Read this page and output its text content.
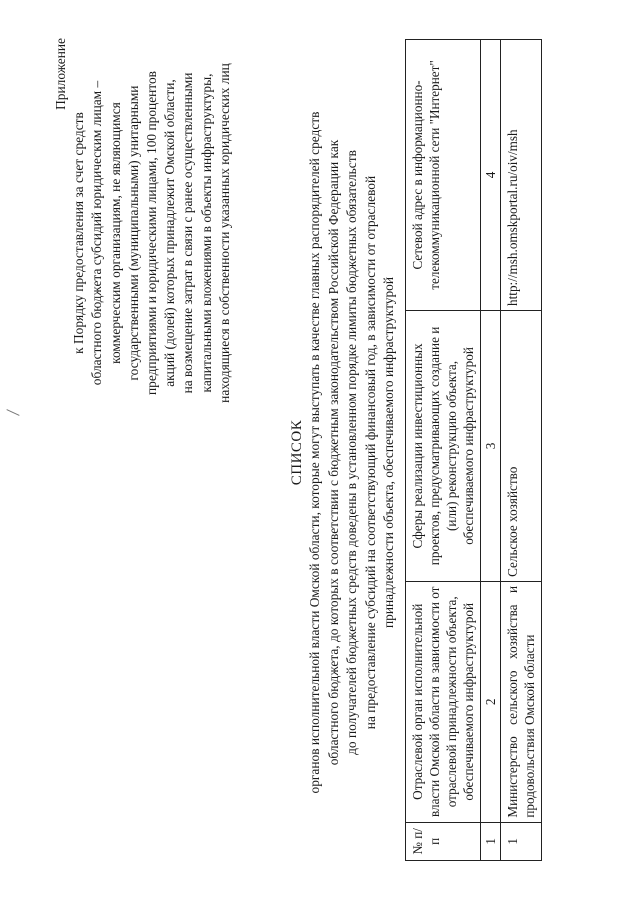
Приложение
к Порядку предоставления за счет средств областного бюджета субсидий юридическим лицам – коммерческим организациям, не являющимся государственными (муниципальными) унитарными предприятиями и юридическими лицами, 100 процентов акций (долей) которых принадлежит Омской области, на возмещение затрат в связи с ранее осуществленными капитальными вложениями в объекты инфраструктуры, находящиеся в собственности указанных юридических лиц
СПИСОК органов исполнительной власти Омской области, которые могут выступать в качестве главных распорядителей средств областного бюджета, до которых в соответствии с бюджетным законодательством Российской Федерации как до получателей бюджетных средств доведены в установленном порядке лимиты бюджетных обязательств на предоставление субсидий на соответствующий финансовый год, в зависимости от отраслевой принадлежности объекта, обеспечиваемого инфраструктурой
№ п/п	Отраслевой орган исполнительной власти Омской области в зависимости от отраслевой принадлежности объекта, обеспечиваемого инфраструктурой	Сферы реализации инвестиционных проектов, предусматривающих создание и (или) реконструкцию объекта, обеспечиваемого инфраструктурой	Сетевой адрес в информационно-телекоммуникационной сети "Интернет"
1	2	3	4
1	Министерство сельского хозяйства и продовольствия Омской области	Сельское хозяйство	http://msh.omskportal.ru/oiv/msh
